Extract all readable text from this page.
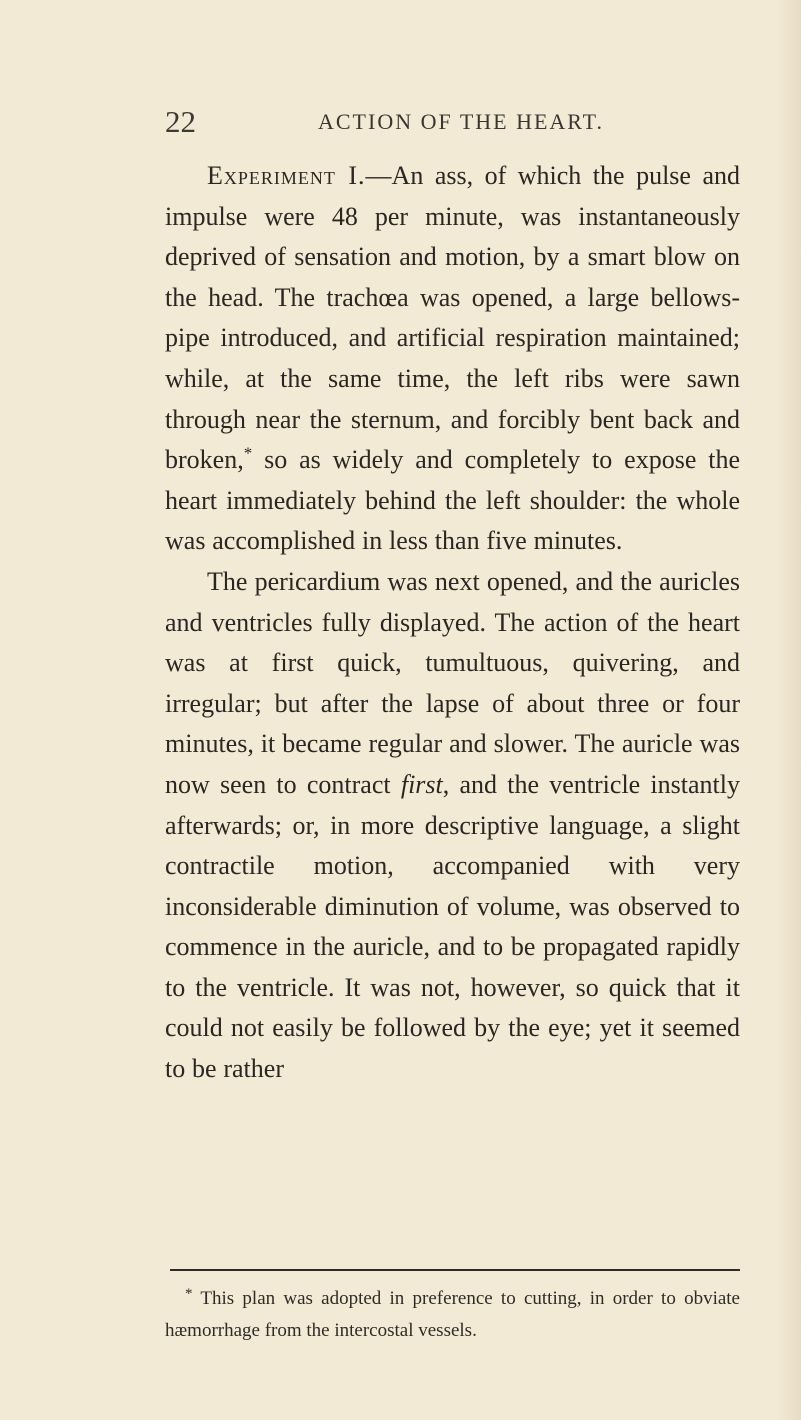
22	ACTION OF THE HEART.

Experiment I.—An ass, of which the pulse and impulse were 48 per minute, was instantaneously deprived of sensation and motion, by a smart blow on the head. The trachœa was opened, a large bellows-pipe introduced, and artificial respiration maintained; while, at the same time, the left ribs were sawn through near the sternum, and forcibly bent back and broken,* so as widely and completely to expose the heart immediately behind the left shoulder: the whole was accomplished in less than five minutes.

The pericardium was next opened, and the auricles and ventricles fully displayed. The action of the heart was at first quick, tumultuous, quivering, and irregular; but after the lapse of about three or four minutes, it became regular and slower. The auricle was now seen to contract first, and the ventricle instantly afterwards; or, in more descriptive language, a slight contractile motion, accompanied with very inconsiderable diminution of volume, was observed to commence in the auricle, and to be propagated rapidly to the ventricle. It was not, however, so quick that it could not easily be followed by the eye; yet it seemed to be rather

* This plan was adopted in preference to cutting, in order to obviate hæmorrhage from the intercostal vessels.
